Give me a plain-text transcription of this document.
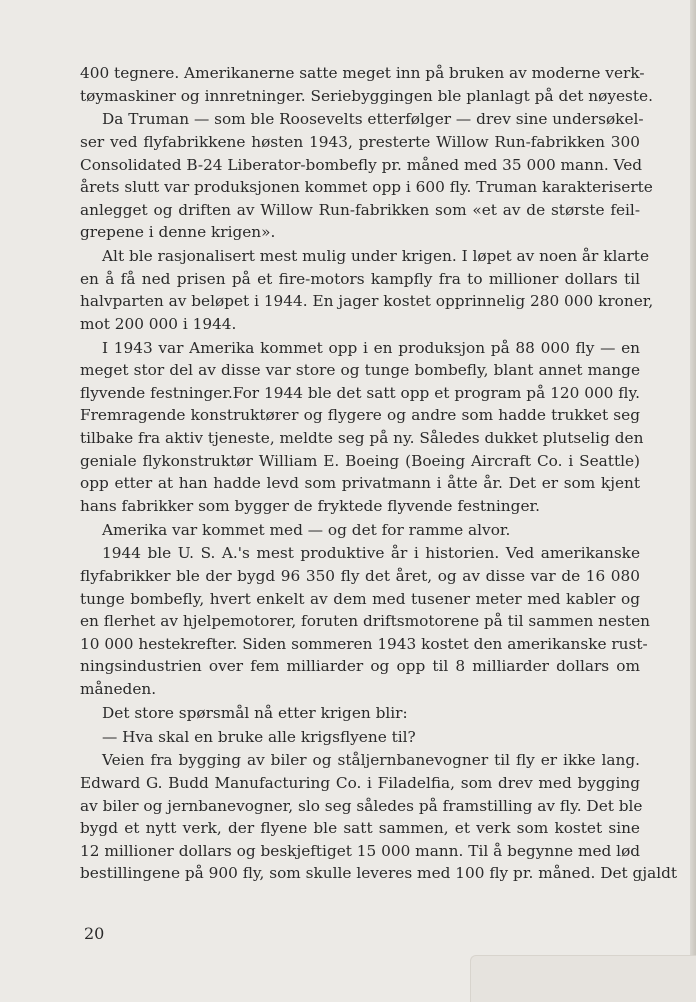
400 tegnere. Amerikanerne satte meget inn på bruken av moderne verk-
tøymaskiner og innretninger. Seriebyggingen ble planlagt på det nøyeste.
Da Truman — som ble Roosevelts etterfølger — drev sine undersøkel-
ser ved flyfabrikkene høsten 1943, presterte Willow Run-fabrikken 300
Consolidated B-24 Liberator-bombefly pr. måned med 35 000 mann. Ved
årets slutt var produksjonen kommet opp i 600 fly. Truman karakteriserte
anlegget og driften av Willow Run-fabrikken som «et av de største feil-
grepene i denne krigen».
Alt ble rasjonalisert mest mulig under krigen. I løpet av noen år klarte
en å få ned prisen på et fire-motors kampfly fra to millioner dollars til
halvparten av beløpet i 1944. En jager kostet opprinnelig 280 000 kroner,
mot 200 000 i 1944.
I 1943 var Amerika kommet opp i en produksjon på 88 000 fly — en
meget stor del av disse var store og tunge bombefly, blant annet mange
flyvende festninger.For 1944 ble det satt opp et program på 120 000 fly.
Fremragende konstruktører og flygere og andre som hadde trukket seg
tilbake fra aktiv tjeneste, meldte seg på ny. Således dukket plutselig den
geniale flykonstruktør William E. Boeing (Boeing Aircraft Co. i Seattle)
opp etter at han hadde levd som privatmann i åtte år. Det er som kjent
hans fabrikker som bygger de fryktede flyvende festninger.
Amerika var kommet med — og det for ramme alvor.
1944 ble U. S. A.'s mest produktive år i historien. Ved amerikanske
flyfabrikker ble der bygd 96 350 fly det året, og av disse var de 16 080
tunge bombefly, hvert enkelt av dem med tusener meter med kabler og
en flerhet av hjelpemotorer, foruten driftsmotorene på til sammen nesten
10 000 hestekrefter. Siden sommeren 1943 kostet den amerikanske rust-
ningsindustrien over fem milliarder og opp til 8 milliarder dollars om
måneden.
Det store spørsmål nå etter krigen blir:
— Hva skal en bruke alle krigsflyene til?
Veien fra bygging av biler og ståljernbanevogner til fly er ikke lang.
Edward G. Budd Manufacturing Co. i Filadelfia, som drev med bygging
av biler og jernbanevogner, slo seg således på framstilling av fly. Det ble
bygd et nytt verk, der flyene ble satt sammen, et verk som kostet sine
12 millioner dollars og beskjeftiget 15 000 mann. Til å begynne med lød
bestillingene på 900 fly, som skulle leveres med 100 fly pr. måned. Det gjaldt
20
